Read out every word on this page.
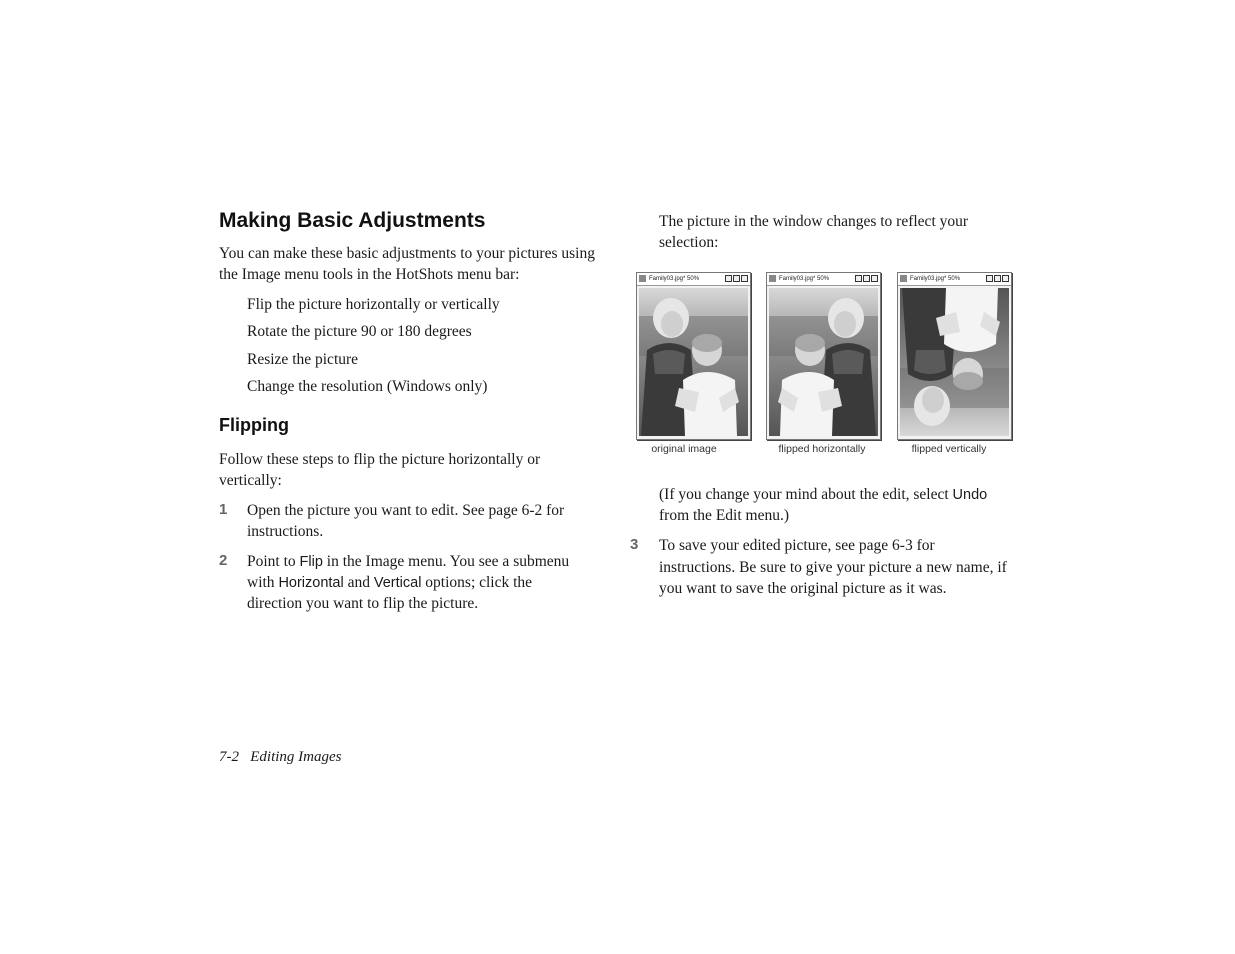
Making Basic Adjustments

You can make these basic adjustments to your pictures using

the Image menu tools in the HotShots menu bar:

Flip the picture horizontally or vertically

Rotate the picture 90 or 180 degrees

Resize the picture

Change the resolution (Windows only)

Flipping

Follow these steps to flip the picture horizontally or

vertically:

1 Open the picture you want to edit. See page 6-2 for

instructions.

2 Point to Flip in the Image menu. You see a submenu

with Horizontal and Vertical options; click the

direction you want to flip the picture.

The picture in the window changes to reflect your

selection:

Family03.jpg* 50%
original image
Family03.jpg* 50%
flipped horizontally
Family03.jpg* 50%
flipped vertically

(If you change your mind about the edit, select Undo

from the Edit menu.)

3 To save your edited picture, see page 6-3 for

instructions. Be sure to give your picture a new name, if

you want to save the original picture as it was.

7-2 Editing Images
